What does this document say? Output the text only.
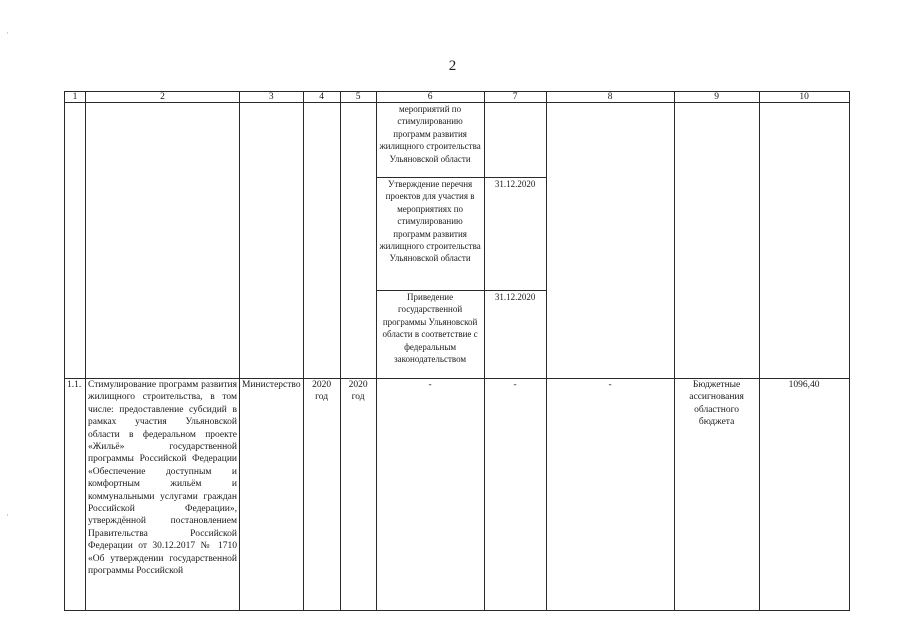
2
·
·
1	2	3	4	5	6	7	8	9	10
					мероприятий по стимулированию программ развития жилищного строительства Ульяновской области				
					Утверждение перечня проектов для участия в мероприятиях по стимулированию программ развития жилищного строительства Ульяновской области	31.12.2020			
					Приведение государственной программы Ульяновской области в соответствие с федеральным законодательством	31.12.2020			
1.1.	Стимулирование программ развития жилищного строительства, в том числе: предоставление субсидий в рамках участия Ульяновской области в федеральном проекте «Жильё» государственной программы Российской Федерации «Обеспечение доступным и комфортным жильём и коммунальными услугами граждан Российской Федерации», утверждённой постановлением Правительства Российской Федерации от 30.12.2017 № 1710 «Об утверждении государственной программы Российской	Министерство	2020 год	2020 год	-	-	-	Бюджетные ассигнования областного бюджета	1096,40
